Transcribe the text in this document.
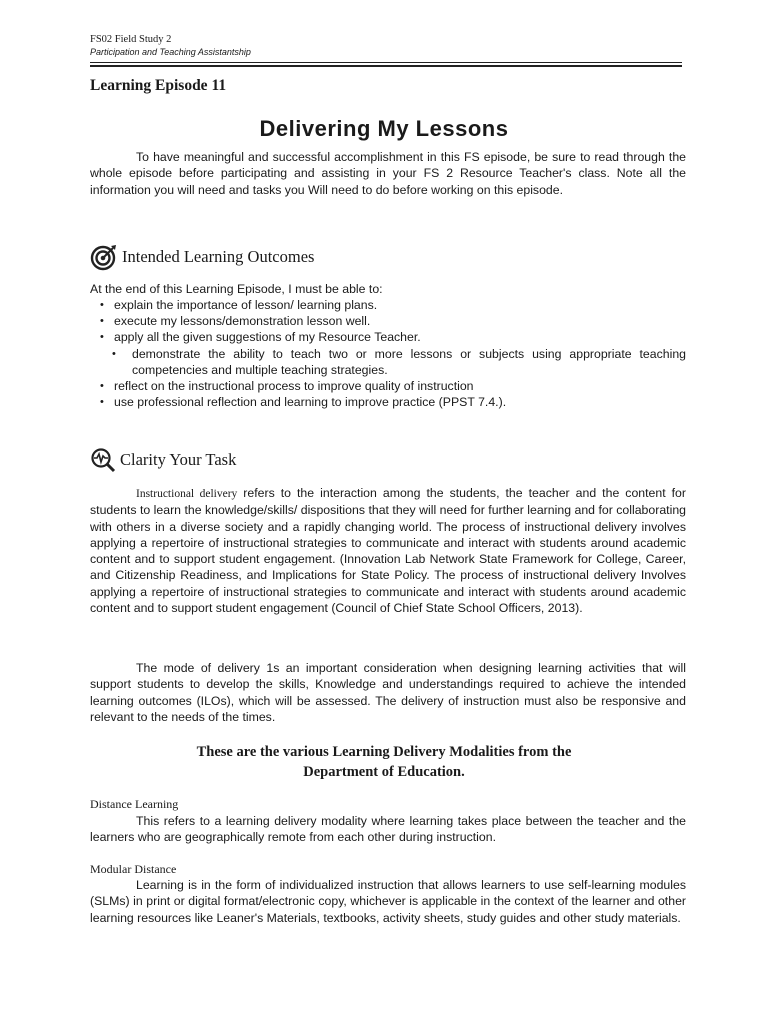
FS02 Field Study 2
Participation and Teaching Assistantship
Learning Episode 11
Delivering My Lessons
To have meaningful and successful accomplishment in this FS episode, be sure to read through the whole episode before participating and assisting in your FS 2 Resource Teacher's class. Note all the information you will need and tasks you Will need to do before working on this episode.
Intended Learning Outcomes
At the end of this Learning Episode, I must be able to:
• explain the importance of lesson/ learning plans.
• execute my lessons/demonstration lesson well.
• apply all the given suggestions of my Resource Teacher.
• demonstrate the ability to teach two or more lessons or subjects using appropriate teaching competencies and multiple teaching strategies.
• reflect on the instructional process to improve quality of instruction
• use professional reflection and learning to improve practice (PPST 7.4.).
Clarity Your Task
Instructional delivery refers to the interaction among the students, the teacher and the content for students to learn the knowledge/skills/ dispositions that they will need for further learning and for collaborating with others in a diverse society and a rapidly changing world. The process of instructional delivery involves applying a repertoire of instructional strategies to communicate and interact with students around academic content and to support student engagement. (Innovation Lab Network State Framework for College, Career, and Citizenship Readiness, and Implications for State Policy. The process of instructional delivery Involves applying a repertoire of instructional strategies to communicate and interact with students around academic content and to support student engagement (Council of Chief State School Officers, 2013).
The mode of delivery 1s an important consideration when designing learning activities that will support students to develop the skills, Knowledge and understandings required to achieve the intended learning outcomes (ILOs), which will be assessed. The delivery of instruction must also be responsive and relevant to the needs of the times.
These are the various Learning Delivery Modalities from the
Department of Education.
Distance Learning
This refers to a learning delivery modality where learning takes place between the teacher and the learners who are geographically remote from each other during instruction.
Modular Distance
Learning is in the form of individualized instruction that allows learners to use self-learning modules (SLMs) in print or digital format/electronic copy, whichever is applicable in the context of the learner and other learning resources like Leaner's Materials, textbooks, activity sheets, study guides and other study materials.
